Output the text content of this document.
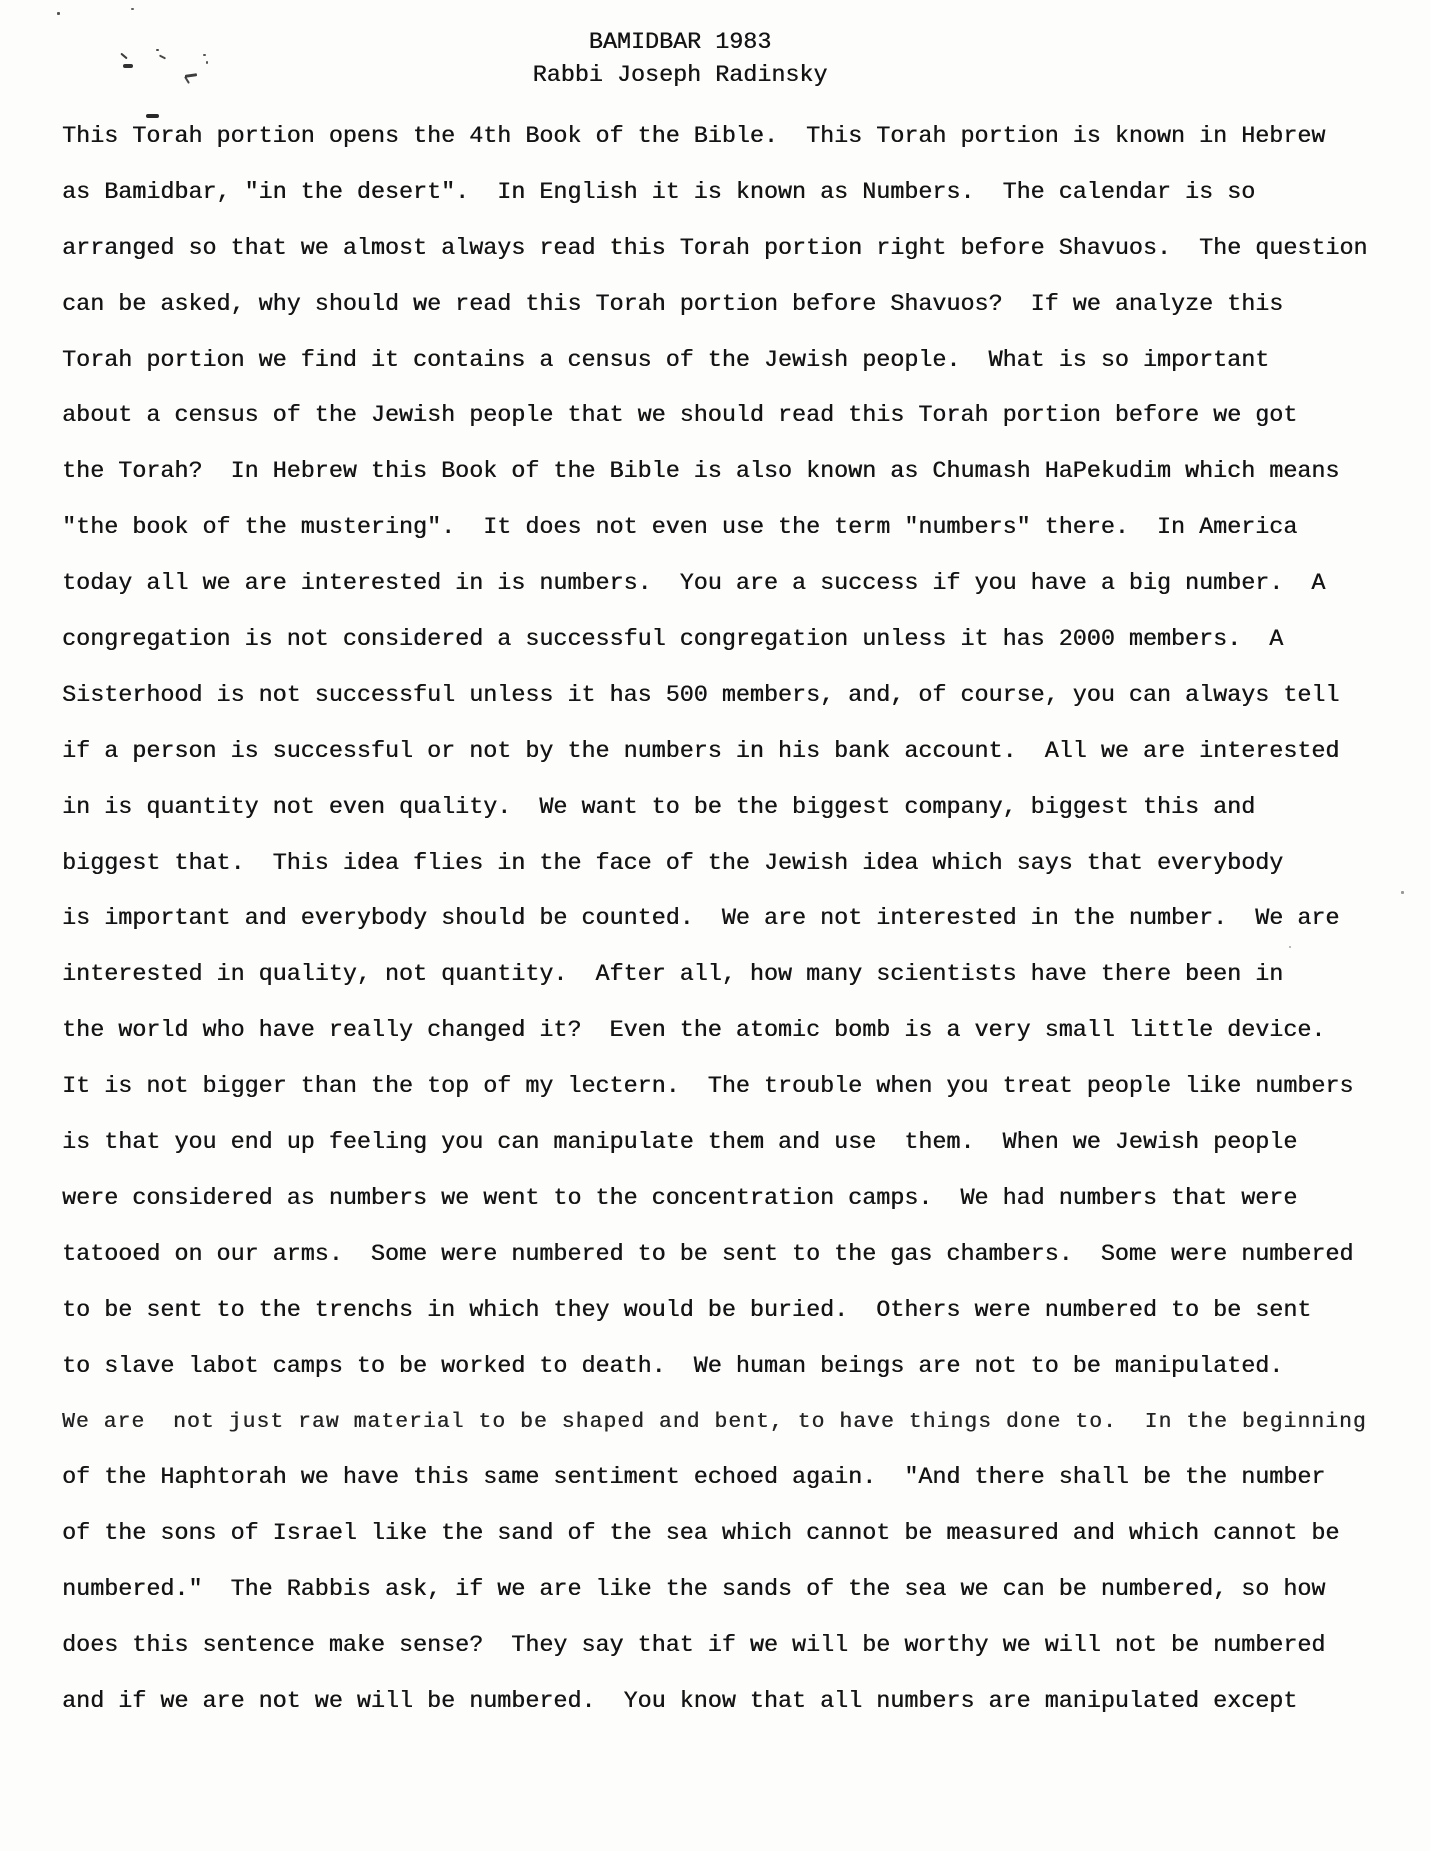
BAMIDBAR 1983
Rabbi Joseph Radinsky
This Torah portion opens the 4th Book of the Bible.  This Torah portion is known in Hebrew
as Bamidbar, "in the desert".  In English it is known as Numbers.  The calendar is so
arranged so that we almost always read this Torah portion right before Shavuos.  The question
can be asked, why should we read this Torah portion before Shavuos?  If we analyze this
Torah portion we find it contains a census of the Jewish people.  What is so important
about a census of the Jewish people that we should read this Torah portion before we got
the Torah?  In Hebrew this Book of the Bible is also known as Chumash HaPekudim which means
"the book of the mustering".  It does not even use the term "numbers" there.  In America
today all we are interested in is numbers.  You are a success if you have a big number.  A
congregation is not considered a successful congregation unless it has 2000 members.  A
Sisterhood is not successful unless it has 500 members, and, of course, you can always tell
if a person is successful or not by the numbers in his bank account.  All we are interested
in is quantity not even quality.  We want to be the biggest company, biggest this and
biggest that.  This idea flies in the face of the Jewish idea which says that everybody
is important and everybody should be counted.  We are not interested in the number.  We are
interested in quality, not quantity.  After all, how many scientists have there been in
the world who have really changed it?  Even the atomic bomb is a very small little device.
It is not bigger than the top of my lectern.  The trouble when you treat people like numbers
is that you end up feeling you can manipulate them and use  them.  When we Jewish people
were considered as numbers we went to the concentration camps.  We had numbers that were
tatooed on our arms.  Some were numbered to be sent to the gas chambers.  Some were numbered
to be sent to the trenchs in which they would be buried.  Others were numbered to be sent
to slave labot camps to be worked to death.  We human beings are not to be manipulated.
We are  not just raw material to be shaped and bent, to have things done to.  In the beginning
of the Haphtorah we have this same sentiment echoed again.  "And there shall be the number
of the sons of Israel like the sand of the sea which cannot be measured and which cannot be
numbered."  The Rabbis ask, if we are like the sands of the sea we can be numbered, so how
does this sentence make sense?  They say that if we will be worthy we will not be numbered
and if we are not we will be numbered.  You know that all numbers are manipulated except
